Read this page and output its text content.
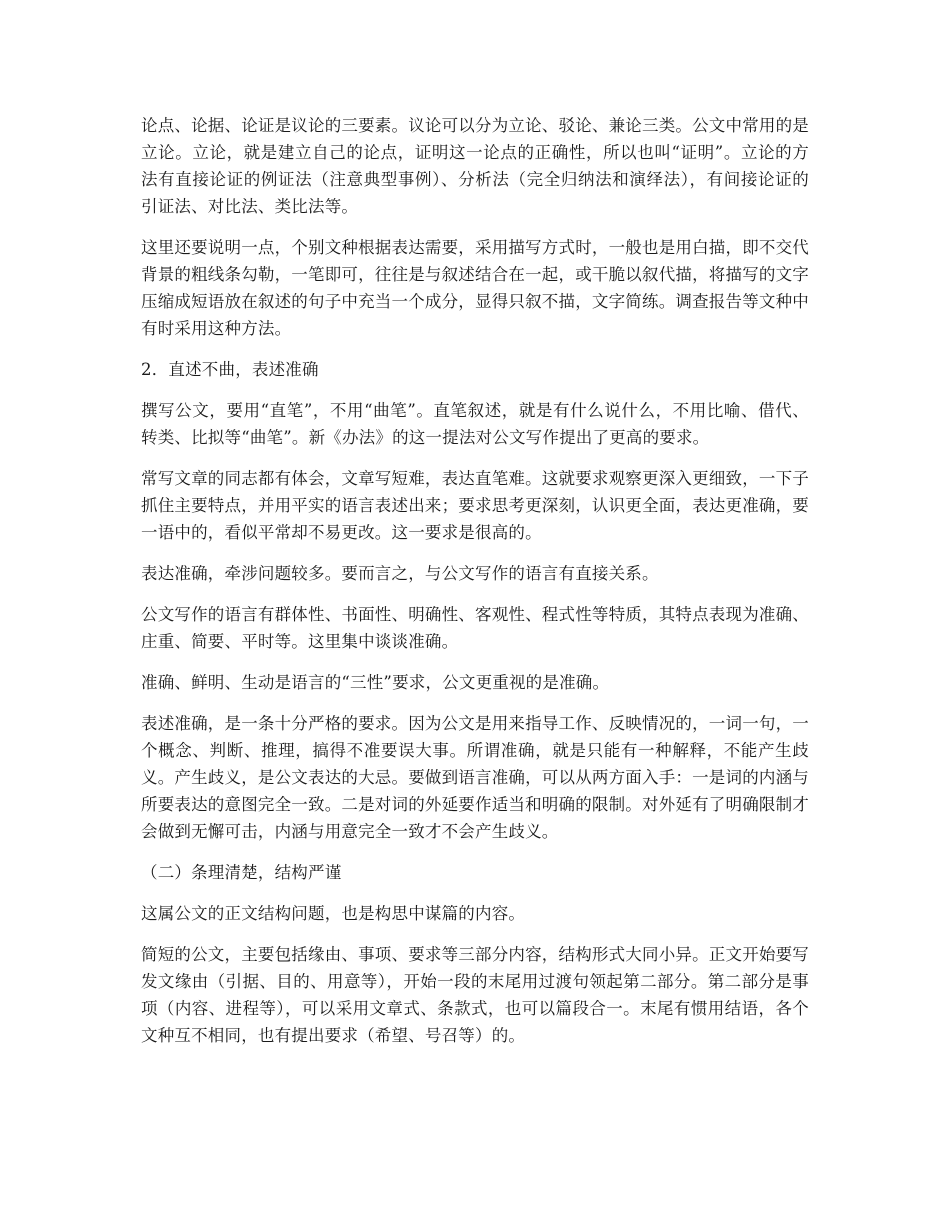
论点、论据、论证是议论的三要素。议论可以分为立论、驳论、兼论三类。公文中常用的是立论。立论，就是建立自己的论点，证明这一论点的正确性，所以也叫“证明”。立论的方法有直接论证的例证法（注意典型事例）、分析法（完全归纳法和演绎法），有间接论证的引证法、对比法、类比法等。

这里还要说明一点，个别文种根据表达需要，采用描写方式时，一般也是用白描，即不交代背景的粗线条勾勒，一笔即可，往往是与叙述结合在一起，或干脆以叙代描，将描写的文字压缩成短语放在叙述的句子中充当一个成分，显得只叙不描，文字简练。调查报告等文种中有时采用这种方法。

2．直述不曲，表述准确

撰写公文，要用“直笔”，不用“曲笔”。直笔叙述，就是有什么说什么，不用比喻、借代、转类、比拟等“曲笔”。新《办法》的这一提法对公文写作提出了更高的要求。

常写文章的同志都有体会，文章写短难，表达直笔难。这就要求观察更深入更细致，一下子抓住主要特点，并用平实的语言表述出来；要求思考更深刻，认识更全面，表达更准确，要一语中的，看似平常却不易更改。这一要求是很高的。

表达准确，牵涉问题较多。要而言之，与公文写作的语言有直接关系。

公文写作的语言有群体性、书面性、明确性、客观性、程式性等特质，其特点表现为准确、庄重、简要、平时等。这里集中谈谈准确。

准确、鲜明、生动是语言的“三性”要求，公文更重视的是准确。

表述准确，是一条十分严格的要求。因为公文是用来指导工作、反映情况的，一词一句，一个概念、判断、推理，搞得不准要误大事。所谓准确，就是只能有一种解释，不能产生歧义。产生歧义，是公文表达的大忌。要做到语言准确，可以从两方面入手：一是词的内涵与所要表达的意图完全一致。二是对词的外延要作适当和明确的限制。对外延有了明确限制才会做到无懈可击，内涵与用意完全一致才不会产生歧义。

（二）条理清楚，结构严谨

这属公文的正文结构问题，也是构思中谋篇的内容。

简短的公文，主要包括缘由、事项、要求等三部分内容，结构形式大同小异。正文开始要写发文缘由（引据、目的、用意等），开始一段的末尾用过渡句领起第二部分。第二部分是事项（内容、进程等），可以采用文章式、条款式，也可以篇段合一。末尾有惯用结语，各个文种互不相同，也有提出要求（希望、号召等）的。
